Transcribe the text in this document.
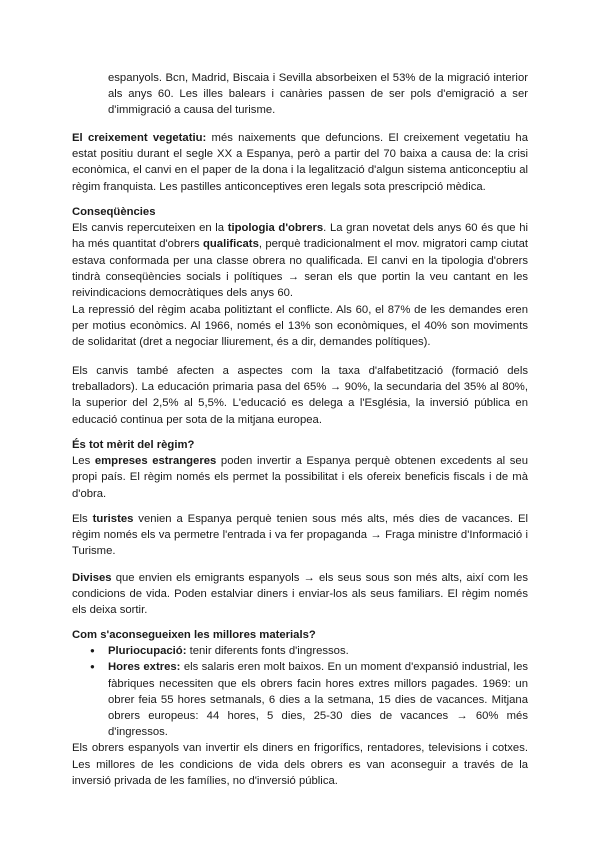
espanyols. Bcn, Madrid, Biscaia i Sevilla absorbeixen el 53% de la migració interior als anys 60. Les illes balears i canàries passen de ser pols d'emigració a ser d'immigració a causa del turisme.

El creixement vegetatiu: més naixements que defuncions. El creixement vegetatiu ha estat positiu durant el segle XX a Espanya, però a partir del 70 baixa a causa de: la crisi econòmica, el canvi en el paper de la dona i la legalització d'algun sistema anticonceptiu al règim franquista. Les pastilles anticonceptives eren legals sota prescripció mèdica.

Conseqüències

Els canvis repercuteixen en la tipologia d'obrers. La gran novetat dels anys 60 és que hi ha més quantitat d'obrers qualificats, perquè tradicionalment el mov. migratori camp ciutat estava conformada per una classe obrera no qualificada. El canvi en la tipologia d'obrers tindrà conseqüències socials i polítiques → seran els que portin la veu cantant en les reivindicacions democràtiques dels anys 60.

La repressió del règim acaba politiztant el conflicte. Als 60, el 87% de les demandes eren per motius econòmics. Al 1966, només el 13% son econòmiques, el 40% son moviments de solidaritat (dret a negociar lliurement, és a dir, demandes polítiques).

Els canvis també afecten a aspectes com la taxa d'alfabetització (formació dels treballadors). La educación primaria pasa del 65% → 90%, la secundaria del 35% al 80%, la superior del 2,5% al 5,5%. L'educació es delega a l'Església, la inversió pública en educació continua per sota de la mitjana europea.

És tot mèrit del règim?

Les empreses estrangeres poden invertir a Espanya perquè obtenen excedents al seu propi país. El règim només els permet la possibilitat i els ofereix beneficis fiscals i de mà d'obra.

Els turistes venien a Espanya perquè tenien sous més alts, més dies de vacances. El règim només els va permetre l'entrada i va fer propaganda → Fraga ministre d'Informació i Turisme.

Divises que envien els emigrants espanyols → els seus sous son més alts, així com les condicions de vida. Poden estalviar diners i enviar-los als seus familiars. El règim només els deixa sortir.

Com s'aconsegueixen les millores materials?
● Pluriocupació: tenir diferents fonts d'ingressos.
● Hores extres: els salaris eren molt baixos. En un moment d'expansió industrial, les fàbriques necessiten que els obrers facin hores extres millors pagades. 1969: un obrer feia 55 hores setmanals, 6 dies a la setmana, 15 dies de vacances. Mitjana obrers europeus: 44 hores, 5 dies, 25-30 dies de vacances → 60% més d'ingressos.

Els obrers espanyols van invertir els diners en frigorífics, rentadores, televisions i cotxes. Les millores de les condicions de vida dels obrers es van aconseguir a través de la inversió privada de les famílies, no d'inversió pública.
